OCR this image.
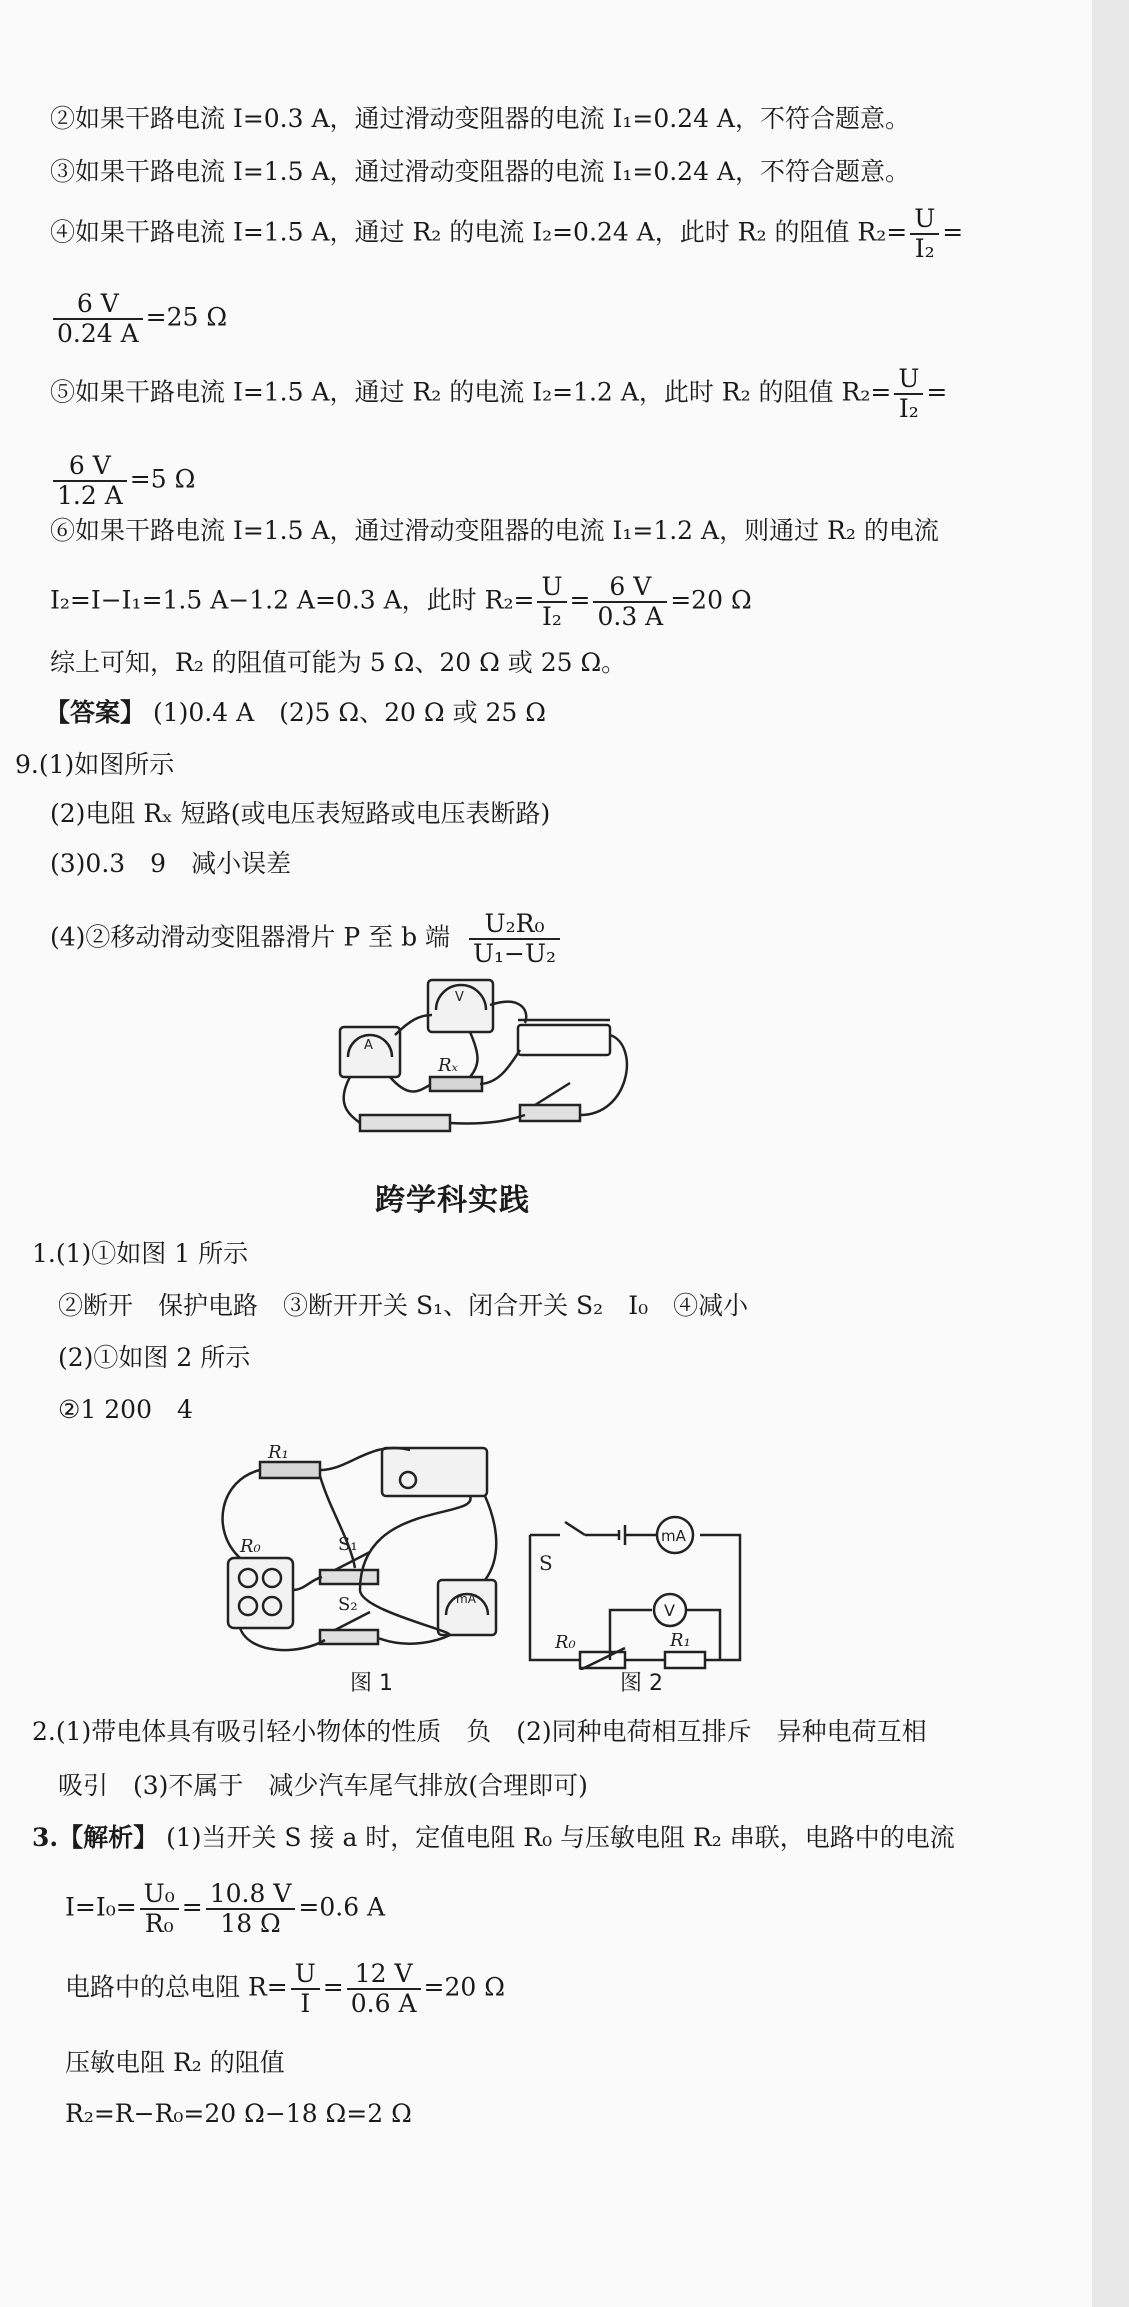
②如果干路电流 I=0.3 A，通过滑动变阻器的电流 I₁=0.24 A，不符合题意。
③如果干路电流 I=1.5 A，通过滑动变阻器的电流 I₁=0.24 A，不符合题意。
④如果干路电流 I=1.5 A，通过 R₂ 的电流 I₂=0.24 A，此时 R₂ 的阻值 $R_2= \frac{U}{\text{I₂}}$ =
$\frac{6 V}{0.24 A} =25$ Ω
⑤如果干路电流 I=1.5 A，通过 R₂ 的电流 I₂=1.2 A，此时 R₂ 的阻值 $R_2= \frac{U}{\text{I₂}}$ =
$\frac{6 V}{1.2 A} =5$ Ω
⑥如果干路电流 I=1.5 A，通过滑动变阻器的电流 I₁=1.2 A，则通过 R₂ 的电流
I₂=I−I₁=1.5 A−1.2 A=0.3 A，此时 $R_2= \frac{U}{\text{I₂}} = \frac{6 V}{0.3 A} =20$ Ω
综上可知，R₂ 的阻值可能为 5 Ω、20 Ω 或 25 Ω。
【答案】 (1)0.4 A　(2)5 Ω、20 Ω 或 25 Ω
9.(1)如图所示
(2)电阻 Rₓ 短路(或电压表短路或电压表断路)
(3)0.3　9　减小误差
(4)②移动滑动变阻器滑片 P 至 b 端 $\frac{\text{U₂R₀}}{\text{U₁−U₂}}$
A
V
Rₓ
跨学科实践
1.(1)①如图 1 所示
②断开　保护电路　③断开开关 S₁、闭合开关 S₂　I₀　④减小
(2)①如图 2 所示
②1 200　4
R₁
R₀	S₁
S₂	mA
图 1
S
mA
V
R₀	R₁
图 2
2.(1)带电体具有吸引轻小物体的性质　负　(2)同种电荷相互排斥　异种电荷互相
吸引　(3)不属于　减少汽车尾气排放(合理即可)
3.【解析】 (1)当开关 S 接 a 时，定值电阻 R₀ 与压敏电阻 R₂ 串联，电路中的电流
$I=I_0= \frac{\text{U₀}}{\text{R₀}} = \frac{10.8 V}{18 \Omega} =0.6$ A
电路中的总电阻 $R= \frac{U}{I} = \frac{12 V}{0.6 A} =20$ Ω
压敏电阻 R₂ 的阻值
R₂=R−R₀=20 Ω−18 Ω=2 Ω
